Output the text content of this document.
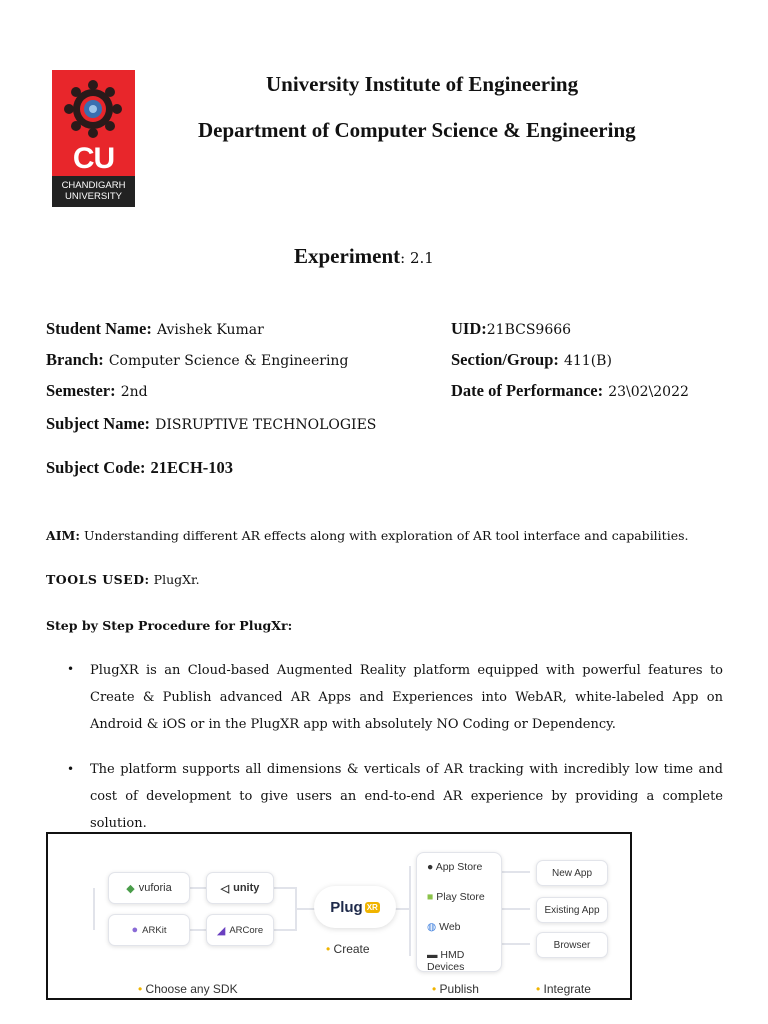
CU
CHANDIGARH
UNIVERSITY
University Institute of Engineering
Department of Computer Science & Engineering
Experiment: 2.1
Student Name: Avishek Kumar	UID:21BCS9666
Branch: Computer Science & Engineering	Section/Group: 411(B)
Semester: 2nd	Date of Performance: 23\02\2022
Subject Name: DISRUPTIVE TECHNOLOGIES
Subject Code: 21ECH-103
AIM: Understanding different AR effects along with exploration of AR tool interface and capabilities.
TOOLS USED: PlugXr.
Step by Step Procedure for PlugXr:
• PlugXR is an Cloud-based Augmented Reality platform equipped with powerful features to Create & Publish advanced AR Apps and Experiences into WebAR, white-labeled App on Android & iOS or in the PlugXR app with absolutely NO Coding or Dependency.
• The platform supports all dimensions & verticals of AR tracking with incredibly low time and cost of development to give users an end-to-end AR experience by providing a complete solution.
◆ vuforia	◁ unity
● ARKit	◢ ARCore
Plug XR
• Create
● App Store
■ Play Store
◍ Web
▬ HMD Devices
New App
Existing App
Browser
• Choose any SDK	• Publish	• Integrate
